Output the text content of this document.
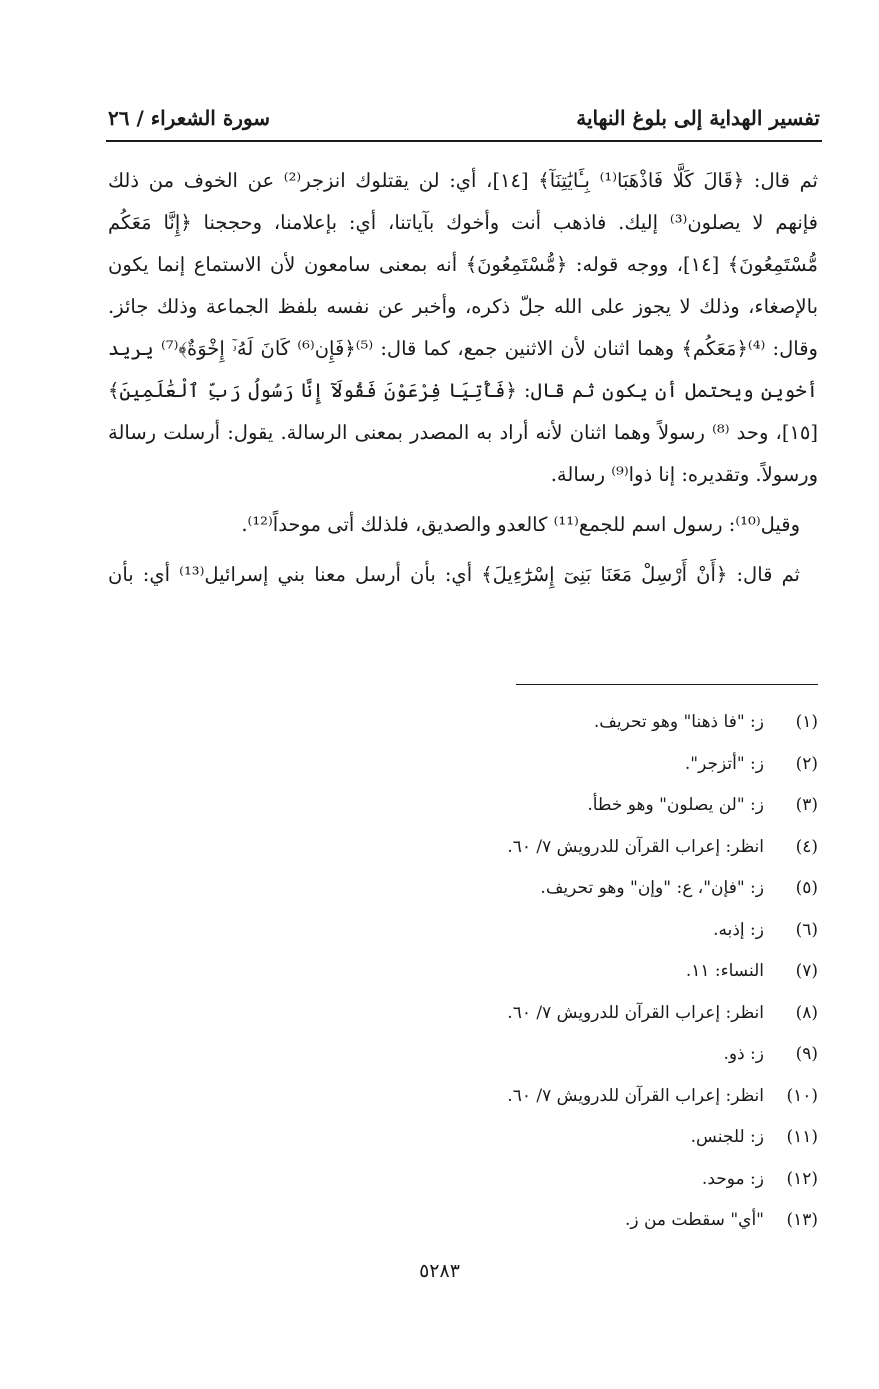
تفسير الهداية إلى بلوغ النهاية
سورة الشعراء / ٢٦

ثم قال: ﴿قَالَ كَلَّا فَاذْهَبَا⁽¹⁾ بِـَٔايَٰتِنَآ﴾ [١٤]، أي: لن يقتلوك انزجر⁽²⁾ عن الخوف من ذلك فإنهم لا يصلون⁽³⁾ إليك. فاذهب أنت وأخوك بآياتنا، أي: بإعلامنا، وحججنا ﴿إِنَّا مَعَكُم مُّسْتَمِعُونَ﴾ [١٤]، ووجه قوله: ﴿مُّسْتَمِعُونَ﴾ أنه بمعنى سامعون لأن الاستماع إنما يكون بالإصغاء، وذلك لا يجوز على الله جلّ ذكره، وأخبر عن نفسه بلفظ الجماعة وذلك جائز. وقال: ⁽⁴⁾﴿مَعَكُم﴾ وهما اثنان لأن الاثنين جمع، كما قال: ⁽⁵⁾﴿فَإِن⁽⁶⁾ كَانَ لَهُۥٓ إِخْوَةٌ﴾⁽⁷⁾ يريد أخوين ويحتمل أن يكون ثم قال: ﴿فَأْتِيَا فِرْعَوْنَ فَقُولَآ إِنَّا رَسُولُ رَبِّ ٱلْعَٰلَمِينَ﴾ [١٥]، وحد ⁽⁸⁾ رسولاً وهما اثنان لأنه أراد به المصدر بمعنى الرسالة. يقول: أرسلت رسالة ورسولاً. وتقديره: إنا ذوا⁽⁹⁾ رسالة.

وقيل⁽¹⁰⁾: رسول اسم للجمع⁽¹¹⁾ كالعدو والصديق، فلذلك أتى موحداً⁽¹²⁾.

ثم قال: ﴿أَنْ أَرْسِلْ مَعَنَا بَنِىٓ إِسْرَٰٓءِيلَ﴾ أي: بأن أرسل معنا بني إسرائيل⁽¹³⁾ أي: بأن

(١)
ز: "فا ذهنا" وهو تحريف.
(٢)
ز: "أتزجر".
(٣)
ز: "لن يصلون" وهو خطأ.
(٤)
انظر: إعراب القرآن للدرويش ٧/ ٦٠.
(٥)
ز: "فإن"، ع: "وإن" وهو تحريف.
(٦)
ز: إذبه.
(٧)
النساء: ١١.
(٨)
انظر: إعراب القرآن للدرويش ٧/ ٦٠.
(٩)
ز: ذو.
(١٠)
انظر: إعراب القرآن للدرويش ٧/ ٦٠.
(١١)
ز: للجنس.
(١٢)
ز: موحد.
(١٣)
"أي" سقطت من ز.
٥٢٨٣
